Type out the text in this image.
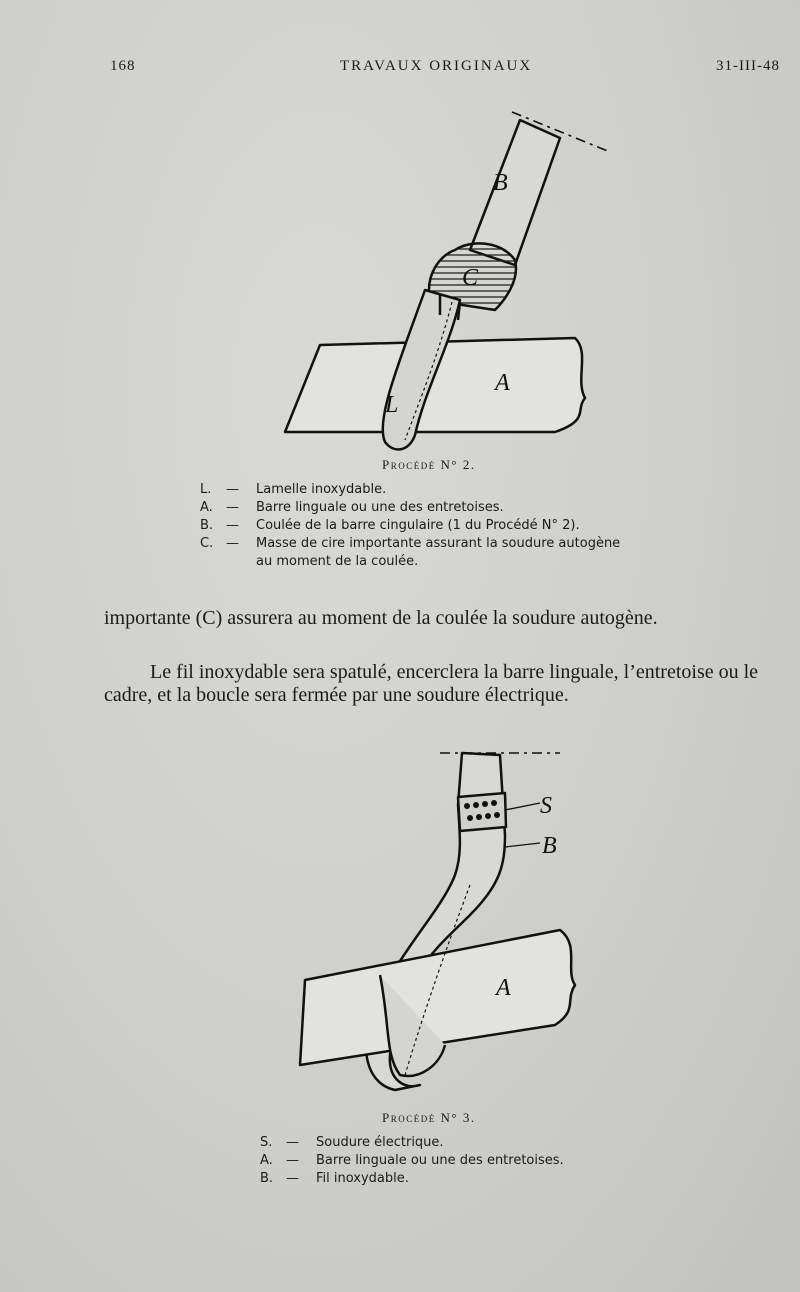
168	TRAVAUX ORIGINAUX	31-III-48
B
C
A
L
Procédé N° 2.
L.	—	Lamelle inoxydable.
A.	—	Barre linguale ou une des entretoises.
B. —	Coulée de la barre cingulaire (1 du Procédé N° 2).
C. —	Masse de cire importante assurant la soudure autogène
au moment de la coulée.

importante (C) assurera au moment de la coulée la soudure autogène.

Le fil inoxydable sera spatulé, encerclera la barre linguale, l’entretoise ou le cadre, et la boucle sera fermée par une soudure électrique.

S
B
A
Procédé N° 3.
S.	—	Soudure électrique.
A.	—	Barre linguale ou une des entretoises.
B. —	Fil inoxydable.
